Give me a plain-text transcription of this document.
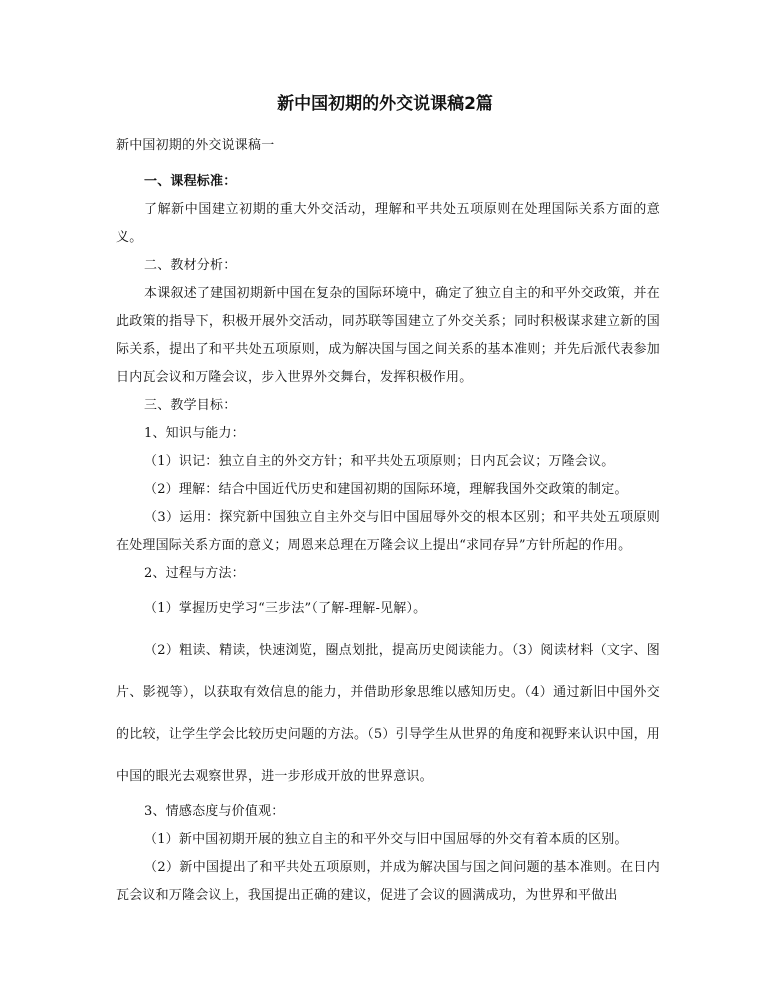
新中国初期的外交说课稿2篇

新中国初期的外交说课稿一

一、课程标准：

了解新中国建立初期的重大外交活动，理解和平共处五项原则在处理国际关系方面的意义。

二、教材分析：

本课叙述了建国初期新中国在复杂的国际环境中，确定了独立自主的和平外交政策，并在此政策的指导下，积极开展外交活动，同苏联等国建立了外交关系；同时积极谋求建立新的国际关系，提出了和平共处五项原则，成为解决国与国之间关系的基本准则；并先后派代表参加日内瓦会议和万隆会议，步入世界外交舞台，发挥积极作用。

三、教学目标：

1、知识与能力：

（1）识记：独立自主的外交方针；和平共处五项原则；日内瓦会议；万隆会议。

（2）理解：结合中国近代历史和建国初期的国际环境，理解我国外交政策的制定。

（3）运用：探究新中国独立自主外交与旧中国屈辱外交的根本区别；和平共处五项原则在处理国际关系方面的意义；周恩来总理在万隆会议上提出“求同存异”方针所起的作用。

2、过程与方法：

（1）掌握历史学习“三步法”（了解-理解-见解）。

（2）粗读、精读，快速浏览，圈点划批，提高历史阅读能力。（3）阅读材料（文字、图片、影视等），以获取有效信息的能力，并借助形象思维以感知历史。（4）通过新旧中国外交的比较，让学生学会比较历史问题的方法。（5）引导学生从世界的角度和视野来认识中国，用中国的眼光去观察世界，进一步形成开放的世界意识。

3、情感态度与价值观：

（1）新中国初期开展的独立自主的和平外交与旧中国屈辱的外交有着本质的区别。

（2）新中国提出了和平共处五项原则，并成为解决国与国之间问题的基本准则。在日内瓦会议和万隆会议上，我国提出正确的建议，促进了会议的圆满成功，为世界和平做出
